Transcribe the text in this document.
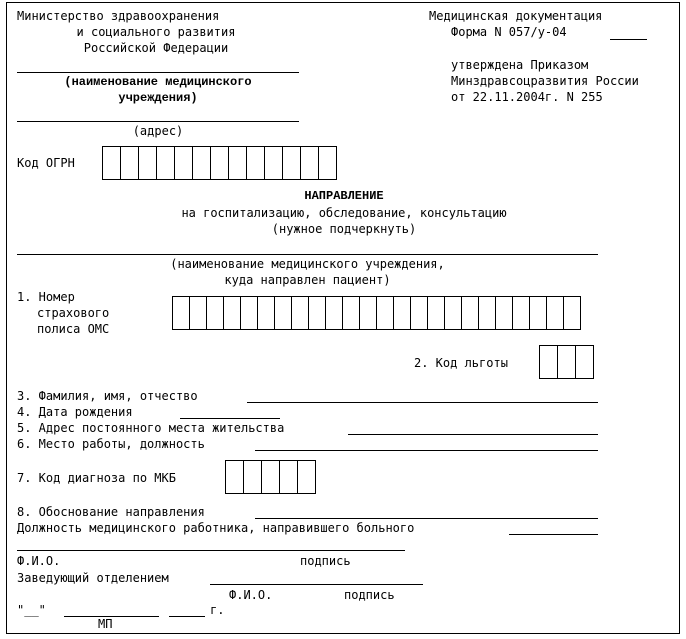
Министерство здравоохранения
и социального развития
Российской Федерации
(наименование медицинского
учреждения)
(адрес)
Медицинская документация
Форма N 057/у-04
утверждена Приказом
Минздравсоцразвития России
от 22.11.2004г. N 255
Код ОГРН
НАПРАВЛЕНИЕ
на госпитализацию, обследование, консультацию
(нужное подчеркнуть)
(наименование медицинского учреждения,
куда направлен пациент)
1. Номер
страхового
полиса ОМС
2. Код льготы
3. Фамилия, имя, отчество
4. Дата рождения
5. Адрес постоянного места жительства
6. Место работы, должность
7. Код диагноза по МКБ
8. Обоснование направления
Должность медицинского работника, направившего больного
Ф.И.О.	подпись
Заведующий отделением
Ф.И.О.	подпись
"__"	г.
МП
